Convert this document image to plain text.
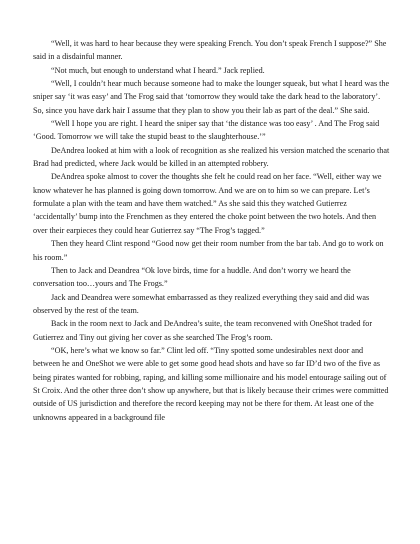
“Well, it was hard to hear because they were speaking French. You don’t speak French I suppose?” She said in a disdainful manner.

“Not much, but enough to understand what I heard.” Jack replied.

“Well, I couldn’t hear much because someone had to make the lounger squeak, but what I heard was the sniper say ‘it was easy’ and The Frog said that ‘tomorrow they would take the dark head to the laboratory’. So, since you have dark hair I assume that they plan to show you their lab as part of the deal.” She said.

“Well I hope you are right. I heard the sniper say that ‘the distance was too easy’ . And The Frog said ‘Good. Tomorrow we will take the stupid beast to the slaughterhouse.’”

DeAndrea looked at him with a look of recognition as she realized his version matched the scenario that Brad had predicted, where Jack would be killed in an attempted robbery.

DeAndrea spoke almost to cover the thoughts she felt he could read on her face. “Well, either way we know whatever he has planned is going down tomorrow. And we are on to him so we can prepare. Let’s formulate a plan with the team and have them watched.” As she said this they watched Gutierrez ‘accidentally’ bump into the Frenchmen as they entered the choke point between the two hotels. And then over their earpieces they could hear Gutierrez say “The Frog’s tagged.”

Then they heard Clint respond “Good now get their room number from the bar tab. And go to work on his room.”

Then to Jack and Deandrea “Ok love birds, time for a huddle. And don’t worry we heard the conversation too…yours and The Frogs.”

Jack and Deandrea were somewhat embarrassed as they realized everything they said and did was observed by the rest of the team.

Back in the room next to Jack and DeAndrea’s suite, the team reconvened with OneShot traded for Gutierrez and Tiny out giving her cover as she searched The Frog’s room.

“OK, here’s what we know so far.” Clint led off. “Tiny spotted some undesirables next door and between he and OneShot we were able to get some good head shots and have so far ID’d two of the five as being pirates wanted for robbing, raping, and killing some millionaire and his model entourage sailing out of St Croix. And the other three don’t show up anywhere, but that is likely because their crimes were committed outside of US jurisdiction and therefore the record keeping may not be there for them. At least one of the unknowns appeared in a background file
